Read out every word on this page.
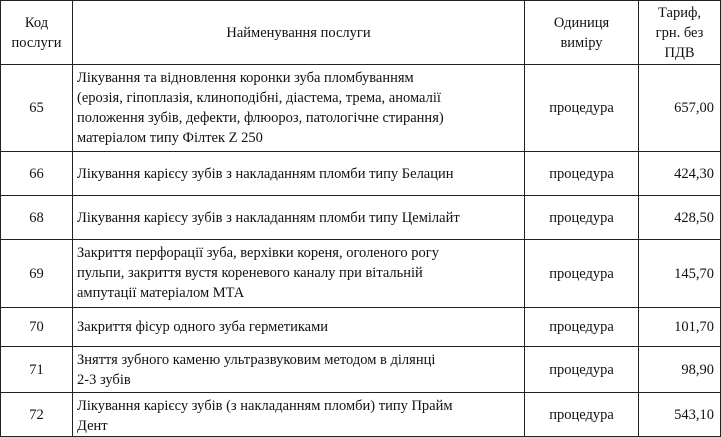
Код
послуги	Найменування послуги	Одиниця
виміру	Тариф,
грн. без
ПДВ
65	Лікування та відновлення коронки зуба пломбуванням
(ерозія, гіпоплазія, клиноподібні, діастема, трема, аномалії
положення зубів, дефекти, флюороз, патологічне стирання)
матеріалом типу Філтек Z 250	процедура	657,00
66	Лікування карієсу зубів з накладанням пломби типу Белацин	процедура	424,30
68	Лікування карієсу зубів з накладанням пломби типу Цемілайт	процедура	428,50
69	Закриття перфорації зуба, верхівки кореня, оголеного рогу
пульпи, закриття вустя кореневого каналу при вітальній
ампутації матеріалом МТА	процедура	145,70
70	Закриття фісур одного зуба герметиками	процедура	101,70
71	Зняття зубного каменю ультразвуковим методом в ділянці
2-3 зубів	процедура	98,90
72	Лікування карієсу зубів (з накладанням пломби) типу Прайм
Дент	процедура	543,10
